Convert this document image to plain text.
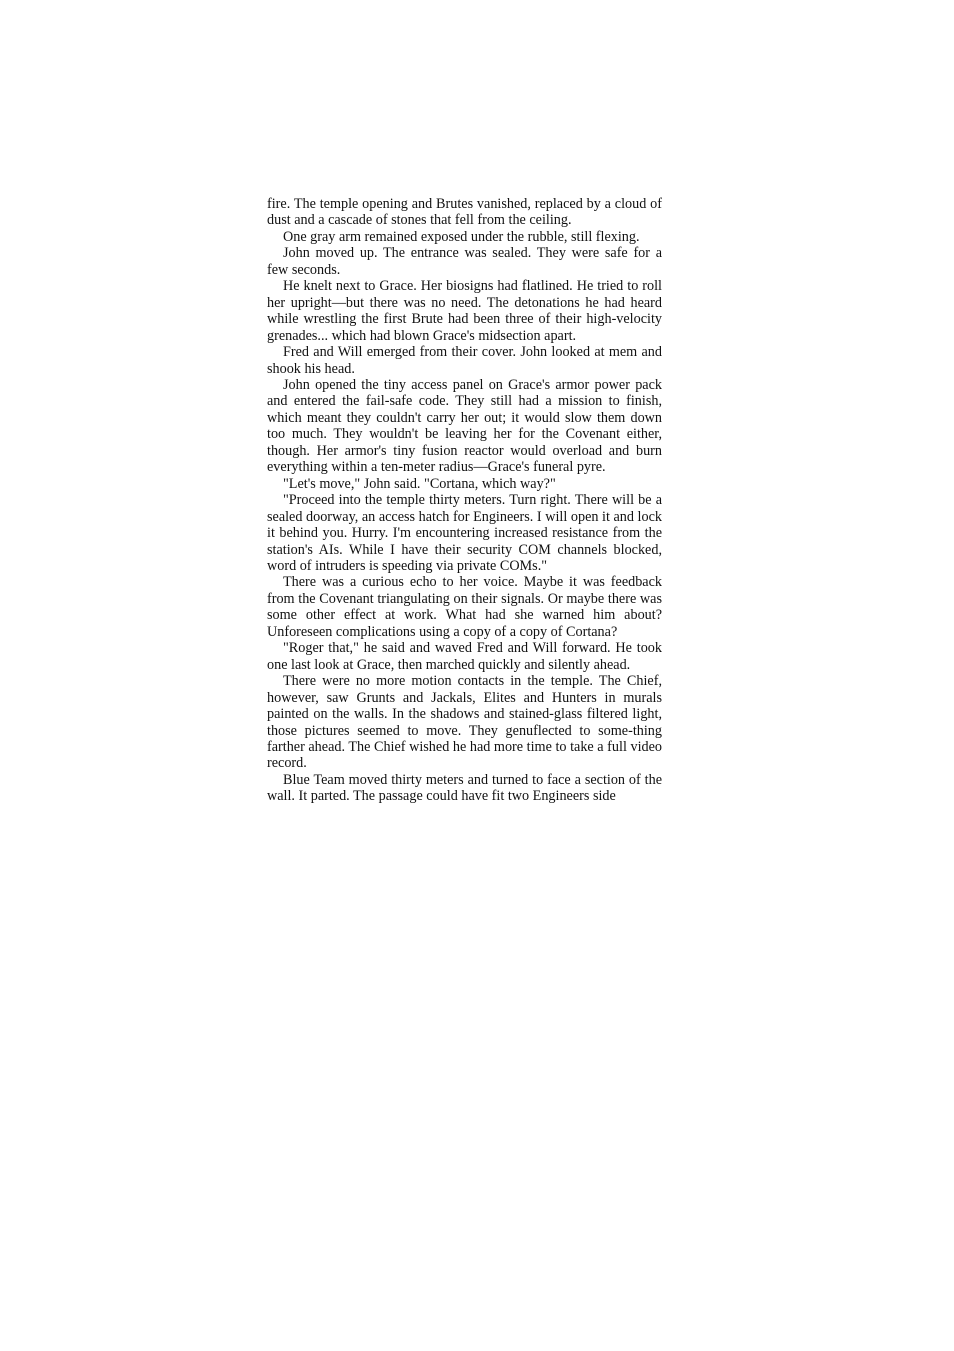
fire. The temple opening and Brutes vanished, replaced by a cloud of dust and a cascade of stones that fell from the ceiling.

One gray arm remained exposed under the rubble, still flexing.

John moved up. The entrance was sealed. They were safe for a few seconds.

He knelt next to Grace. Her biosigns had flatlined. He tried to roll her upright—but there was no need. The detonations he had heard while wrestling the first Brute had been three of their high-velocity grenades... which had blown Grace's midsection apart.

Fred and Will emerged from their cover. John looked at mem and shook his head.

John opened the tiny access panel on Grace's armor power pack and entered the fail-safe code. They still had a mission to finish, which meant they couldn't carry her out; it would slow them down too much. They wouldn't be leaving her for the Covenant either, though. Her armor's tiny fusion reactor would overload and burn everything within a ten-meter radius—Grace's funeral pyre.

"Let's move," John said. "Cortana, which way?"

"Proceed into the temple thirty meters. Turn right. There will be a sealed doorway, an access hatch for Engineers. I will open it and lock it behind you. Hurry. I'm encountering increased resistance from the station's AIs. While I have their security COM channels blocked, word of intruders is speeding via private COMs."

There was a curious echo to her voice. Maybe it was feedback from the Covenant triangulating on their signals. Or maybe there was some other effect at work. What had she warned him about? Unforeseen complications using a copy of a copy of Cortana?

"Roger that," he said and waved Fred and Will forward. He took one last look at Grace, then marched quickly and silently ahead.

There were no more motion contacts in the temple. The Chief, however, saw Grunts and Jackals, Elites and Hunters in murals painted on the walls. In the shadows and stained-glass filtered light, those pictures seemed to move. They genuflected to some-thing farther ahead. The Chief wished he had more time to take a full video record.

Blue Team moved thirty meters and turned to face a section of the wall. It parted. The passage could have fit two Engineers side
